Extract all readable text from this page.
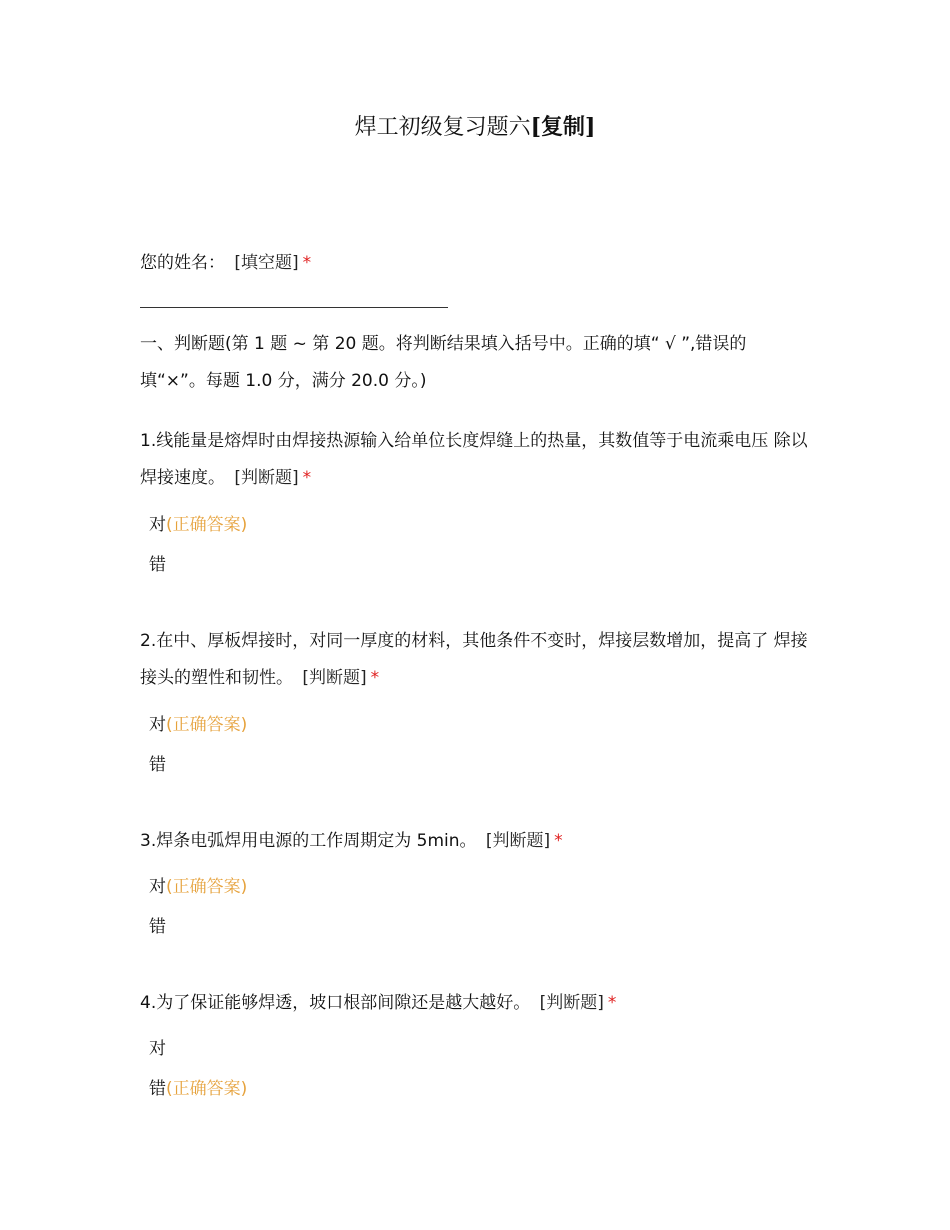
焊工初级复习题六[复制]
您的姓名： [填空题] *
一、判断题(第 1 题 ~ 第 20 题。将判断结果填入括号中。正确的填“ √ ”,错误的填“×”。每题 1.0 分，满分 20.0 分。)
1.线能量是熔焊时由焊接热源输入给单位长度焊缝上的热量，其数值等于电流乘电压 除以焊接速度。 [判断题] *
对(正确答案)
错
2.在中、厚板焊接时，对同一厚度的材料，其他条件不变时，焊接层数增加，提高了 焊接接头的塑性和韧性。 [判断题] *
对(正确答案)
错
3.焊条电弧焊用电源的工作周期定为 5min。 [判断题] *
对(正确答案)
错
4.为了保证能够焊透，坡口根部间隙还是越大越好。 [判断题] *
对
错(正确答案)
